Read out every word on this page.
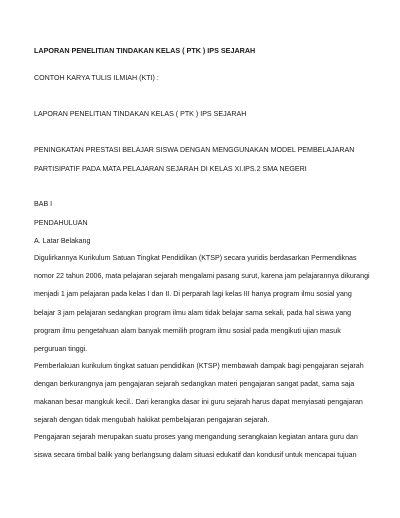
LAPORAN PENELITIAN TINDAKAN KELAS ( PTK ) IPS SEJARAH
CONTOH KARYA TULIS ILMIAH (KTI) :
LAPORAN PENELITIAN TINDAKAN KELAS ( PTK ) IPS SEJARAH
PENINGKATAN PRESTASI BELAJAR SISWA DENGAN MENGGUNAKAN MODEL PEMBELAJARAN
PARTISIPATIF PADA MATA PELAJARAN SEJARAH DI KELAS XI.IPS.2 SMA NEGERI
BAB I
PENDAHULUAN
A. Latar Belakang
Digulirkannya Kurikulum Satuan Tingkat Pendidikan (KTSP) secara yuridis berdasarkan Permendiknas
nomor 22 tahun 2006, mata pelajaran sejarah mengalami pasang surut, karena jam pelajarannya dikurangi
menjadi 1 jam pelajaran pada kelas I dan II. Di perparah lagi kelas III hanya program ilmu sosial yang
belajar 3 jam pelajaran sedangkan program ilmu alam tidak belajar sama sekali, pada hal siswa yang
program ilmu pengetahuan alam banyak memilih program ilmu sosial pada mengikuti ujian masuk
perguruan tinggi.
Pemberlakuan kurikulum tingkat satuan pendidikan (KTSP) membawah dampak bagi pengajaran sejarah
dengan berkurangnya jam pengajaran sejarah sedangkan materi pengajaran sangat padat, sama saja
makanan besar mangkuk kecil.. Dari kerangka dasar ini guru sejarah harus dapat menyiasati pengajaran
sejarah dengan tidak mengubah hakikat pembelajaran pengajaran sejarah.
Pengajaran sejarah merupakan suatu proses yang mengandung serangkaian kegiatan antara guru dan
siswa secara timbal balik yang berlangsung dalam situasi edukatif dan kondusif untuk mencapai tujuan
